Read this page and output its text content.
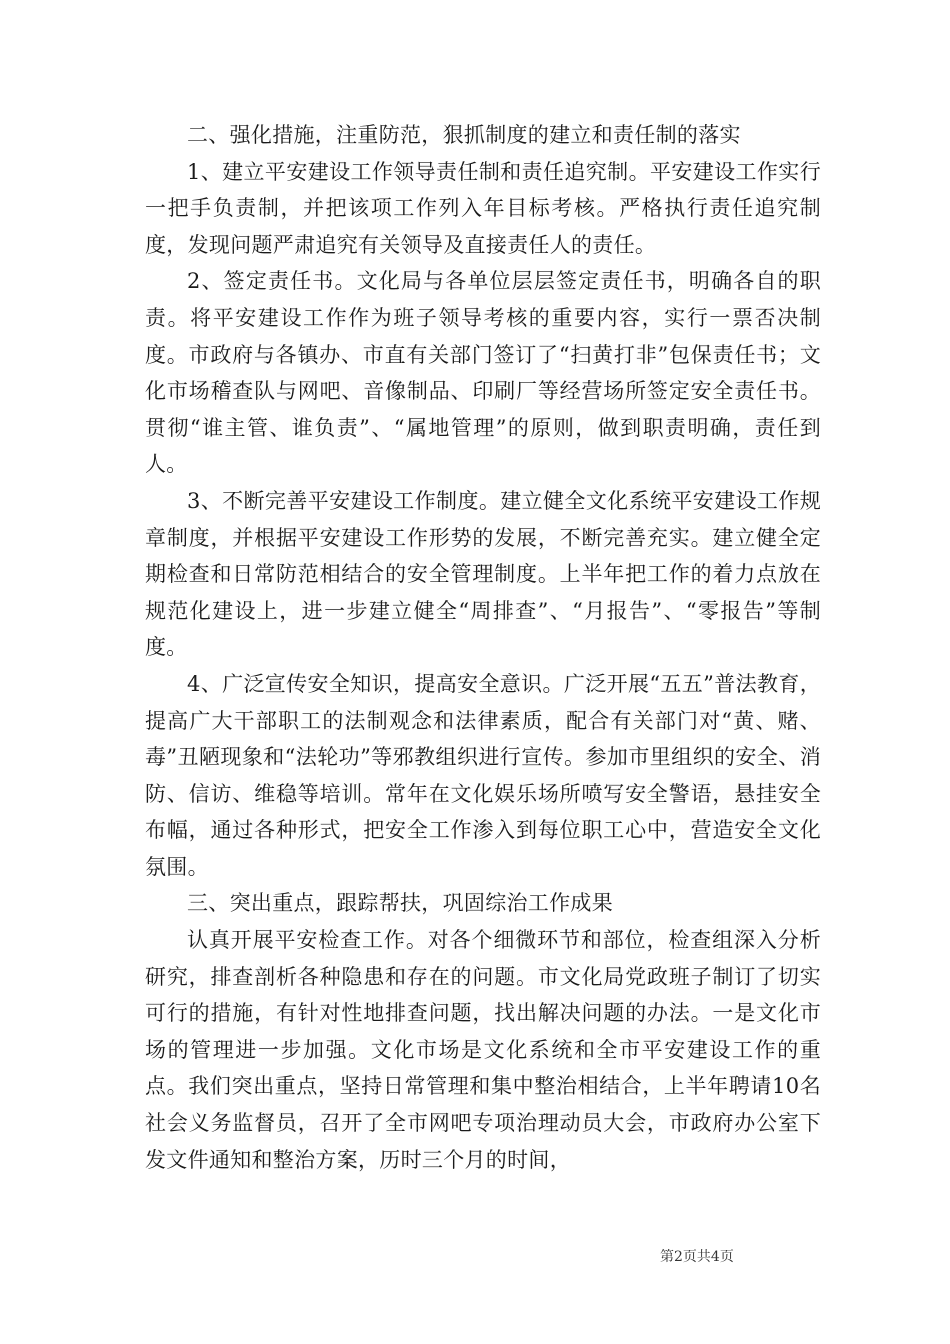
二、强化措施，注重防范，狠抓制度的建立和责任制的落实

1、建立平安建设工作领导责任制和责任追究制。平安建设工作实行一把手负责制，并把该项工作列入年目标考核。严格执行责任追究制度，发现问题严肃追究有关领导及直接责任人的责任。

2、签定责任书。文化局与各单位层层签定责任书，明确各自的职责。将平安建设工作作为班子领导考核的重要内容，实行一票否决制度。市政府与各镇办、市直有关部门签订了“扫黄打非”包保责任书；文化市场稽查队与网吧、音像制品、印刷厂等经营场所签定安全责任书。贯彻“谁主管、谁负责”、“属地管理”的原则，做到职责明确，责任到人。

3、不断完善平安建设工作制度。建立健全文化系统平安建设工作规章制度，并根据平安建设工作形势的发展，不断完善充实。建立健全定期检查和日常防范相结合的安全管理制度。上半年把工作的着力点放在规范化建设上，进一步建立健全“周排查”、“月报告”、“零报告”等制度。

4、广泛宣传安全知识，提高安全意识。广泛开展“五五”普法教育，提高广大干部职工的法制观念和法律素质，配合有关部门对“黄、赌、毒”丑陋现象和“法轮功”等邪教组织进行宣传。参加市里组织的安全、消防、信访、维稳等培训。常年在文化娱乐场所喷写安全警语，悬挂安全布幅，通过各种形式，把安全工作渗入到每位职工心中，营造安全文化氛围。

三、突出重点，跟踪帮扶，巩固综治工作成果

认真开展平安检查工作。对各个细微环节和部位，检查组深入分析研究，排查剖析各种隐患和存在的问题。市文化局党政班子制订了切实可行的措施，有针对性地排查问题，找出解决问题的办法。一是文化市场的管理进一步加强。文化市场是文化系统和全市平安建设工作的重点。我们突出重点，坚持日常管理和集中整治相结合，上半年聘请10名社会义务监督员，召开了全市网吧专项治理动员大会，市政府办公室下发文件通知和整治方案，历时三个月的时间，

第2页共4页
